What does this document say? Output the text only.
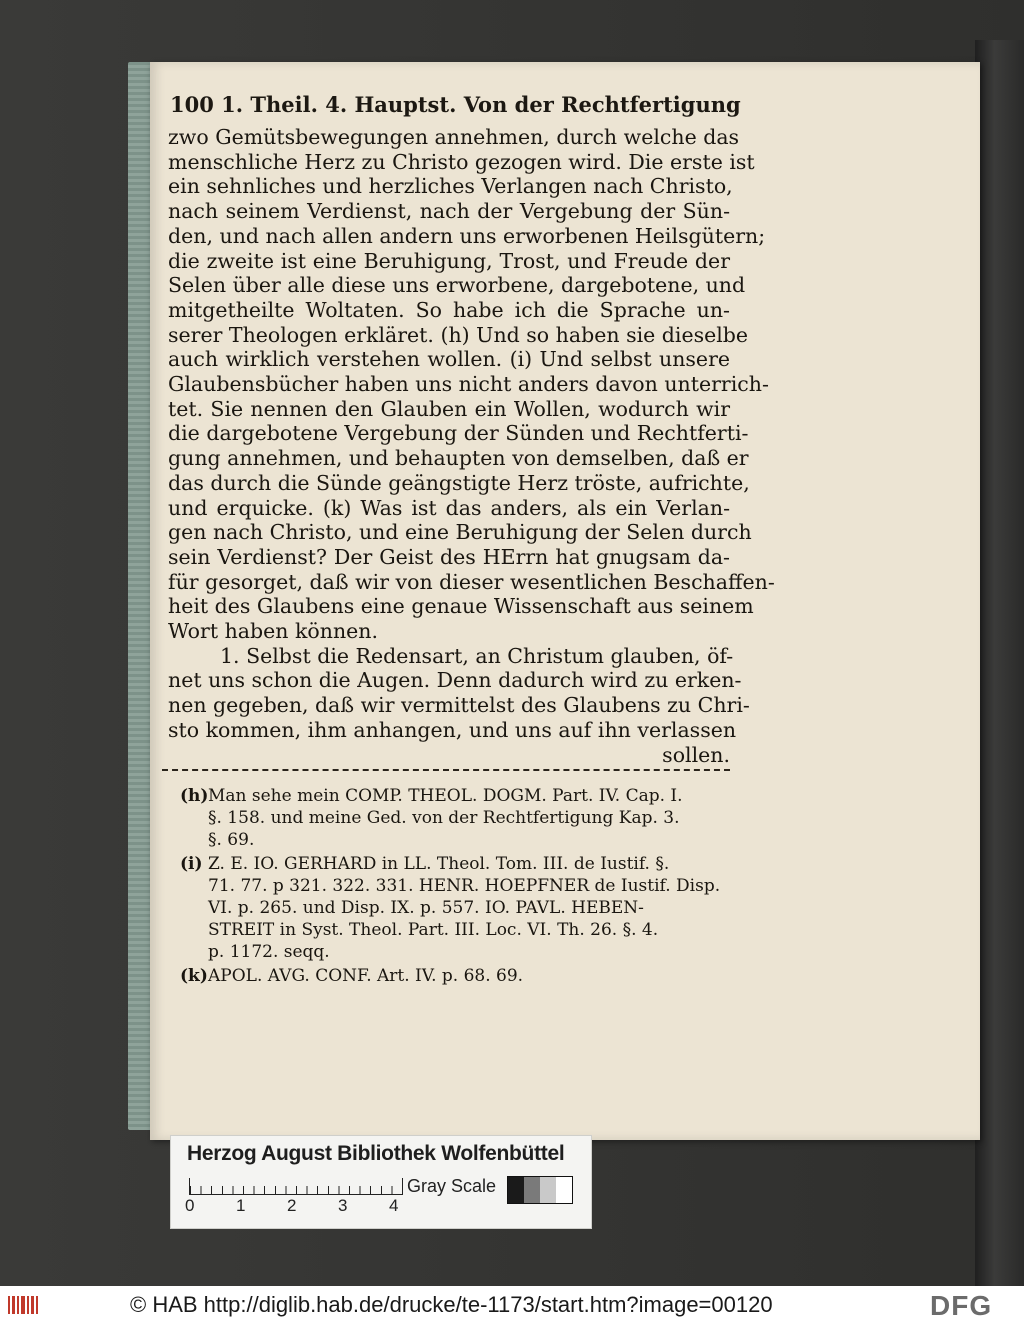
100 1. Theil. 4. Hauptst. Von der Rechtfertigung
zwo Gemütsbewegungen annehmen, durch welche das
menschliche Herz zu Christo gezogen wird. Die erste ist
ein sehnliches und herzliches Verlangen nach Christo,
nach seinem Verdienst, nach der Vergebung der Sün-
den, und nach allen andern uns erworbenen Heilsgütern;
die zweite ist eine Beruhigung, Trost, und Freude der
Selen über alle diese uns erworbene, dargebotene, und
mitgetheilte Woltaten. So habe ich die Sprache un-
serer Theologen erkläret. (h) Und so haben sie dieselbe
auch wirklich verstehen wollen. (i) Und selbst unsere
Glaubensbücher haben uns nicht anders davon unterrich-
tet. Sie nennen den Glauben ein Wollen, wodurch wir
die dargebotene Vergebung der Sünden und Rechtferti-
gung annehmen, und behaupten von demselben, daß er
das durch die Sünde geängstigte Herz tröste, aufrichte,
und erquicke. (k) Was ist das anders, als ein Verlan-
gen nach Christo, und eine Beruhigung der Selen durch
sein Verdienst? Der Geist des HErrn hat gnugsam da-
für gesorget, daß wir von dieser wesentlichen Beschaffen-
heit des Glaubens eine genaue Wissenschaft aus seinem
Wort haben können.
1. Selbst die Redensart, an Christum glauben, öf-
net uns schon die Augen. Denn dadurch wird zu erken-
nen gegeben, daß wir vermittelst des Glaubens zu Chri-
sto kommen, ihm anhangen, und uns auf ihn verlassen
sollen.
(h) Man sehe mein COMP. THEOL. DOGM. Part. IV. Cap. I.
§. 158. und meine Ged. von der Rechtfertigung Kap. 3.
§. 69.
(i) Z. E. IO. GERHARD in LL. Theol. Tom. III. de Iustif. §.
71. 77. p 321. 322. 331. HENR. HOEPFNER de Iustif. Disp.
VI. p. 265. und Disp. IX. p. 557. IO. PAVL. HEBEN-
STREIT in Syst. Theol. Part. III. Loc. VI. Th. 26. §. 4.
p. 1172. seqq.
(k) APOL. AVG. CONF. Art. IV. p. 68. 69.
Herzog August Bibliothek Wolfenbüttel
0 1 2 3 4
Gray Scale
© HAB http://diglib.hab.de/drucke/te-1173/start.htm?image=00120	DFG
